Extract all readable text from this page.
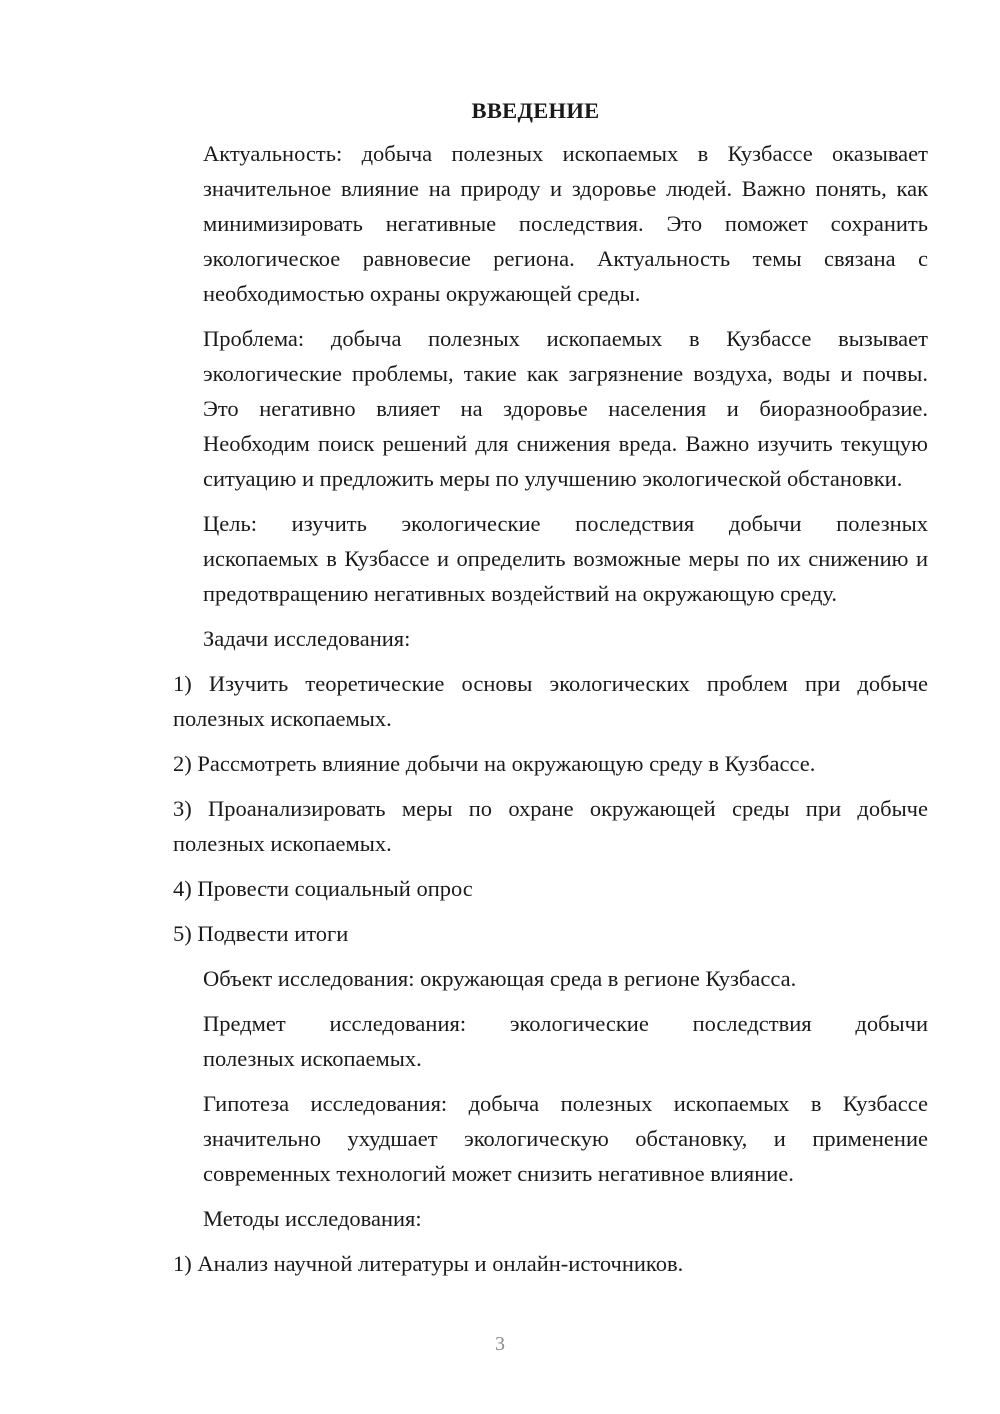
ВВЕДЕНИЕ
Актуальность: добыча полезных ископаемых в Кузбассе оказывает
значительное влияние на природу и здоровье людей. Важно понять, как
минимизировать негативные последствия. Это поможет сохранить
экологическое равновесие региона. Актуальность темы связана с
необходимостью охраны окружающей среды.
Проблема: добыча полезных ископаемых в Кузбассе вызывает
экологические проблемы, такие как загрязнение воздуха, воды и почвы.
Это негативно влияет на здоровье населения и биоразнообразие.
Необходим поиск решений для снижения вреда. Важно изучить текущую
ситуацию и предложить меры по улучшению экологической обстановки.
Цель: изучить экологические последствия добычи полезных
ископаемых в Кузбассе и определить возможные меры по их снижению и
предотвращению негативных воздействий на окружающую среду.
Задачи исследования:
1) Изучить теоретические основы экологических проблем при добыче
полезных ископаемых.
2) Рассмотреть влияние добычи на окружающую среду в Кузбассе.
3) Проанализировать меры по охране окружающей среды при добыче
полезных ископаемых.
4) Провести социальный опрос
5) Подвести итоги
Объект исследования: окружающая среда в регионе Кузбасса.
Предмет исследования: экологические последствия добычи
полезных ископаемых.
Гипотеза исследования: добыча полезных ископаемых в Кузбассе
значительно ухудшает экологическую обстановку, и применение
современных технологий может снизить негативное влияние.
Методы исследования:
1) Анализ научной литературы и онлайн-источников.
3
